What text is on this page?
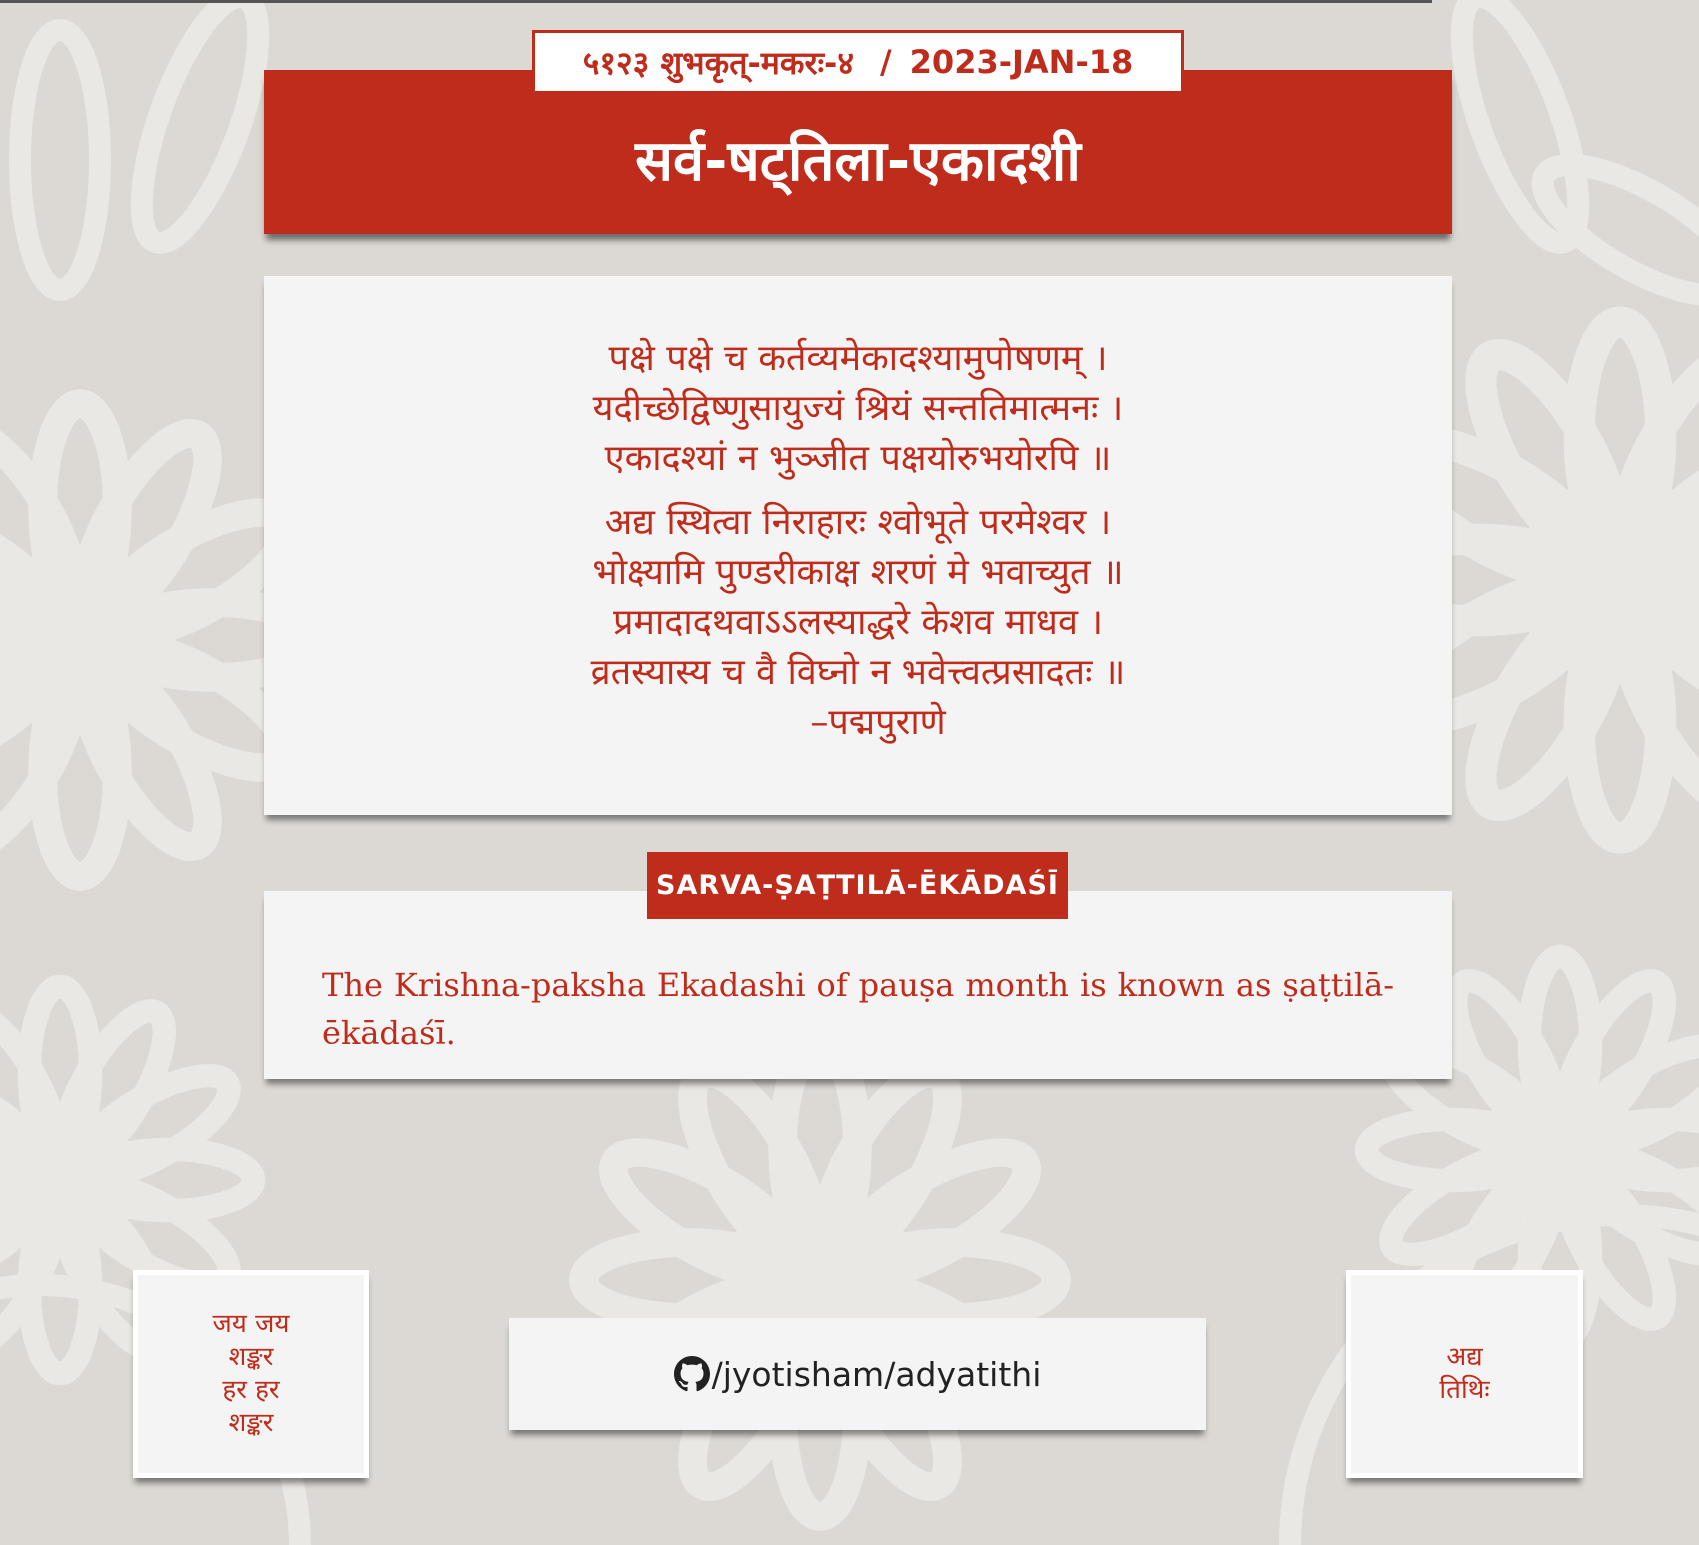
५१२३ शुभकृत्-मकरः-४ / 2023-JAN-18
सर्व-षट्तिला-एकादशी
पक्षे पक्षे च कर्तव्यमेकादश्यामुपोषणम् ।
यदीच्छेद्विष्णुसायुज्यं श्रियं सन्ततिमात्मनः ।
एकादश्यां न भुञ्जीत पक्षयोरुभयोरपि ॥
अद्य स्थित्वा निराहारः श्वोभूते परमेश्वर ।
भोक्ष्यामि पुण्डरीकाक्ष शरणं मे भवाच्युत ॥
प्रमादादथवाऽऽलस्याद्धरे केशव माधव ।
व्रतस्यास्य च वै विघ्नो न भवेत्त्वत्प्रसादतः ॥
–पद्मपुराणे
SARVA-ṢAṬTILĀ-ĒKĀDAŚĪ
The Krishna-paksha Ekadashi of pauṣa month is known as ṣaṭtilā-ēkādaśī.
जय जय
शङ्कर
हर हर
शङ्कर
/jyotisham/adyatithi	अद्य
तिथिः
